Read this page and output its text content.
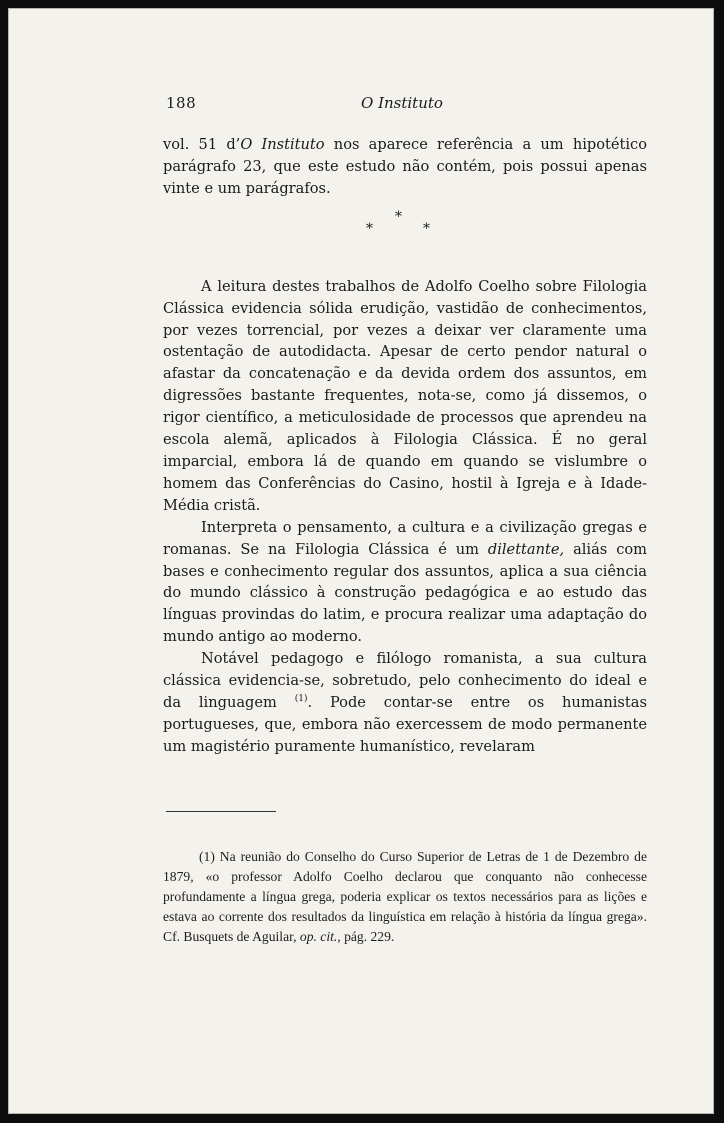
188	O Instituto

vol. 51 d’O Instituto nos aparece referência a um hipotético parágrafo 23, que este estudo não contém, pois possui apenas vinte e um parágrafos.

*
*
*

A leitura destes trabalhos de Adolfo Coelho sobre Filologia Clássica evidencia sólida erudição, vastidão de conhecimentos, por vezes torrencial, por vezes a deixar ver claramente uma ostentação de autodidacta. Apesar de certo pendor natural o afastar da concatenação e da devida ordem dos assuntos, em digressões bastante frequentes, nota-se, como já dissemos, o rigor científico, a meticulosidade de processos que aprendeu na escola alemã, aplicados à Filologia Clássica. É no geral imparcial, embora lá de quando em quando se vislumbre o homem das Conferências do Casino, hostil à Igreja e à Idade-Média cristã.

Interpreta o pensamento, a cultura e a civilização gregas e romanas. Se na Filologia Clássica é um dilettante, aliás com bases e conhecimento regular dos assuntos, aplica a sua ciência do mundo clássico à construção pedagógica e ao estudo das línguas provindas do latim, e procura realizar uma adaptação do mundo antigo ao moderno.

Notável pedagogo e filólogo romanista, a sua cultura clássica evidencia-se, sobretudo, pelo conhecimento do ideal e da linguagem $^{(1)}$. Pode contar-se entre os humanistas portugueses, que, embora não exercessem de modo permanente um magistério puramente humanístico, revelaram

(1) Na reunião do Conselho do Curso Superior de Letras de 1 de Dezembro de 1879, «o professor Adolfo Coelho declarou que conquanto não conhecesse profundamente a língua grega, poderia explicar os textos necessários para as lições e estava ao corrente dos resultados da linguística em relação à história da língua grega». Cf. Busquets de Aguilar, op. cit., pág. 229.
